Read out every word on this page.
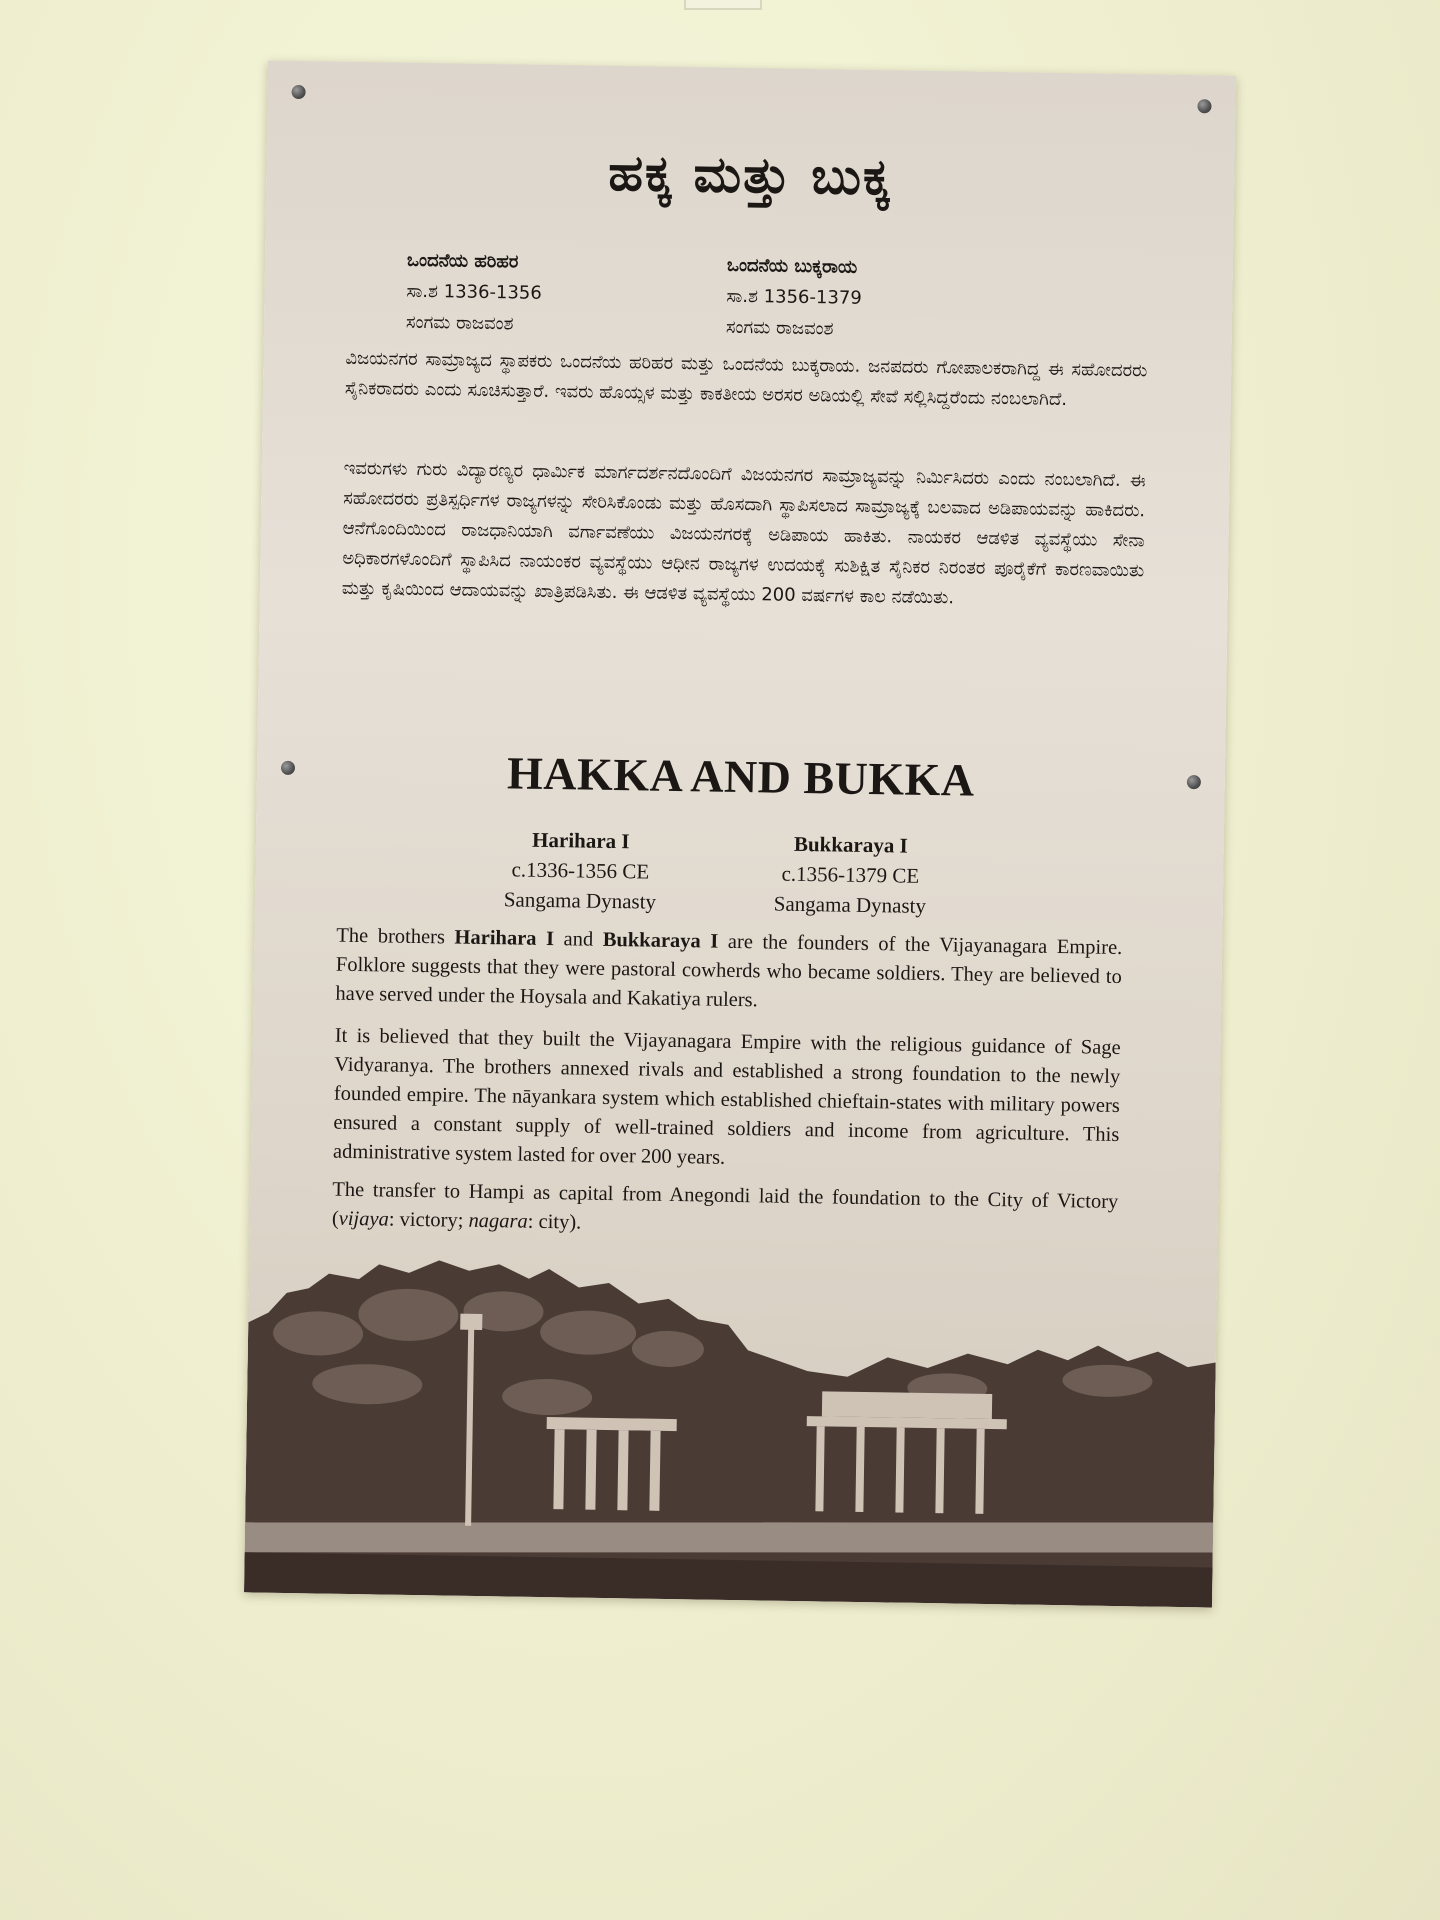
ಹಕ್ಕ ಮತ್ತು ಬುಕ್ಕ
ಒಂದನೆಯ ಹರಿಹರ
ಸಾ.ಶ 1336-1356
ಸಂಗಮ ರಾಜವಂಶ
ಒಂದನೆಯ ಬುಕ್ಕರಾಯ
ಸಾ.ಶ 1356-1379
ಸಂಗಮ ರಾಜವಂಶ

ವಿಜಯನಗರ ಸಾಮ್ರಾಜ್ಯದ ಸ್ಥಾಪಕರು ಒಂದನೆಯ ಹರಿಹರ ಮತ್ತು ಒಂದನೆಯ ಬುಕ್ಕರಾಯ. ಜನಪದರು ಗೋಪಾಲಕರಾಗಿದ್ದ ಈ ಸಹೋದರರು ಸೈನಿಕರಾದರು ಎಂದು ಸೂಚಿಸುತ್ತಾರೆ. ಇವರು ಹೊಯ್ಸಳ ಮತ್ತು ಕಾಕತೀಯ ಅರಸರ ಅಡಿಯಲ್ಲಿ ಸೇವೆ ಸಲ್ಲಿಸಿದ್ದರೆಂದು ನಂಬಲಾಗಿದೆ.

ಇವರುಗಳು ಗುರು ವಿದ್ಯಾರಣ್ಯರ ಧಾರ್ಮಿಕ ಮಾರ್ಗದರ್ಶನದೊಂದಿಗೆ ವಿಜಯನಗರ ಸಾಮ್ರಾಜ್ಯವನ್ನು ನಿರ್ಮಿಸಿದರು ಎಂದು ನಂಬಲಾಗಿದೆ. ಈ ಸಹೋದರರು ಪ್ರತಿಸ್ಪರ್ಧಿಗಳ ರಾಜ್ಯಗಳನ್ನು ಸೇರಿಸಿಕೊಂಡು ಮತ್ತು ಹೊಸದಾಗಿ ಸ್ಥಾಪಿಸಲಾದ ಸಾಮ್ರಾಜ್ಯಕ್ಕೆ ಬಲವಾದ ಅಡಿಪಾಯವನ್ನು ಹಾಕಿದರು. ಆನೆಗೊಂದಿಯಿಂದ ರಾಜಧಾನಿಯಾಗಿ ವರ್ಗಾವಣೆಯು ವಿಜಯನಗರಕ್ಕೆ ಅಡಿಪಾಯ ಹಾಕಿತು. ನಾಯಕರ ಆಡಳಿತ ವ್ಯವಸ್ಥೆಯು ಸೇನಾ ಅಧಿಕಾರಗಳೊಂದಿಗೆ ಸ್ಥಾಪಿಸಿದ ನಾಯಂಕರ ವ್ಯವಸ್ಥೆಯು ಆಧೀನ ರಾಜ್ಯಗಳ ಉದಯಕ್ಕೆ ಸುಶಿಕ್ಷಿತ ಸೈನಿಕರ ನಿರಂತರ ಪೂರೈಕೆಗೆ ಕಾರಣವಾಯಿತು ಮತ್ತು ಕೃಷಿಯಿಂದ ಆದಾಯವನ್ನು ಖಾತ್ರಿಪಡಿಸಿತು. ಈ ಆಡಳಿತ ವ್ಯವಸ್ಥೆಯು 200 ವರ್ಷಗಳ ಕಾಲ ನಡೆಯಿತು.

HAKKA AND BUKKA
Harihara I
c.1336-1356 CE
Sangama Dynasty
Bukkaraya I
c.1356-1379 CE
Sangama Dynasty

The brothers Harihara I and Bukkaraya I are the founders of the Vijayanagara Empire. Folklore suggests that they were pastoral cowherds who became soldiers. They are believed to have served under the Hoysala and Kakatiya rulers.

It is believed that they built the Vijayanagara Empire with the religious guidance of Sage Vidyaranya. The brothers annexed rivals and established a strong foundation to the newly founded empire. The nāyankara system which established chieftain-states with military powers ensured a constant supply of well-trained soldiers and income from agriculture. This administrative system lasted for over 200 years.

The transfer to Hampi as capital from Anegondi laid the foundation to the City of Victory (vijaya: victory; nagara: city).
